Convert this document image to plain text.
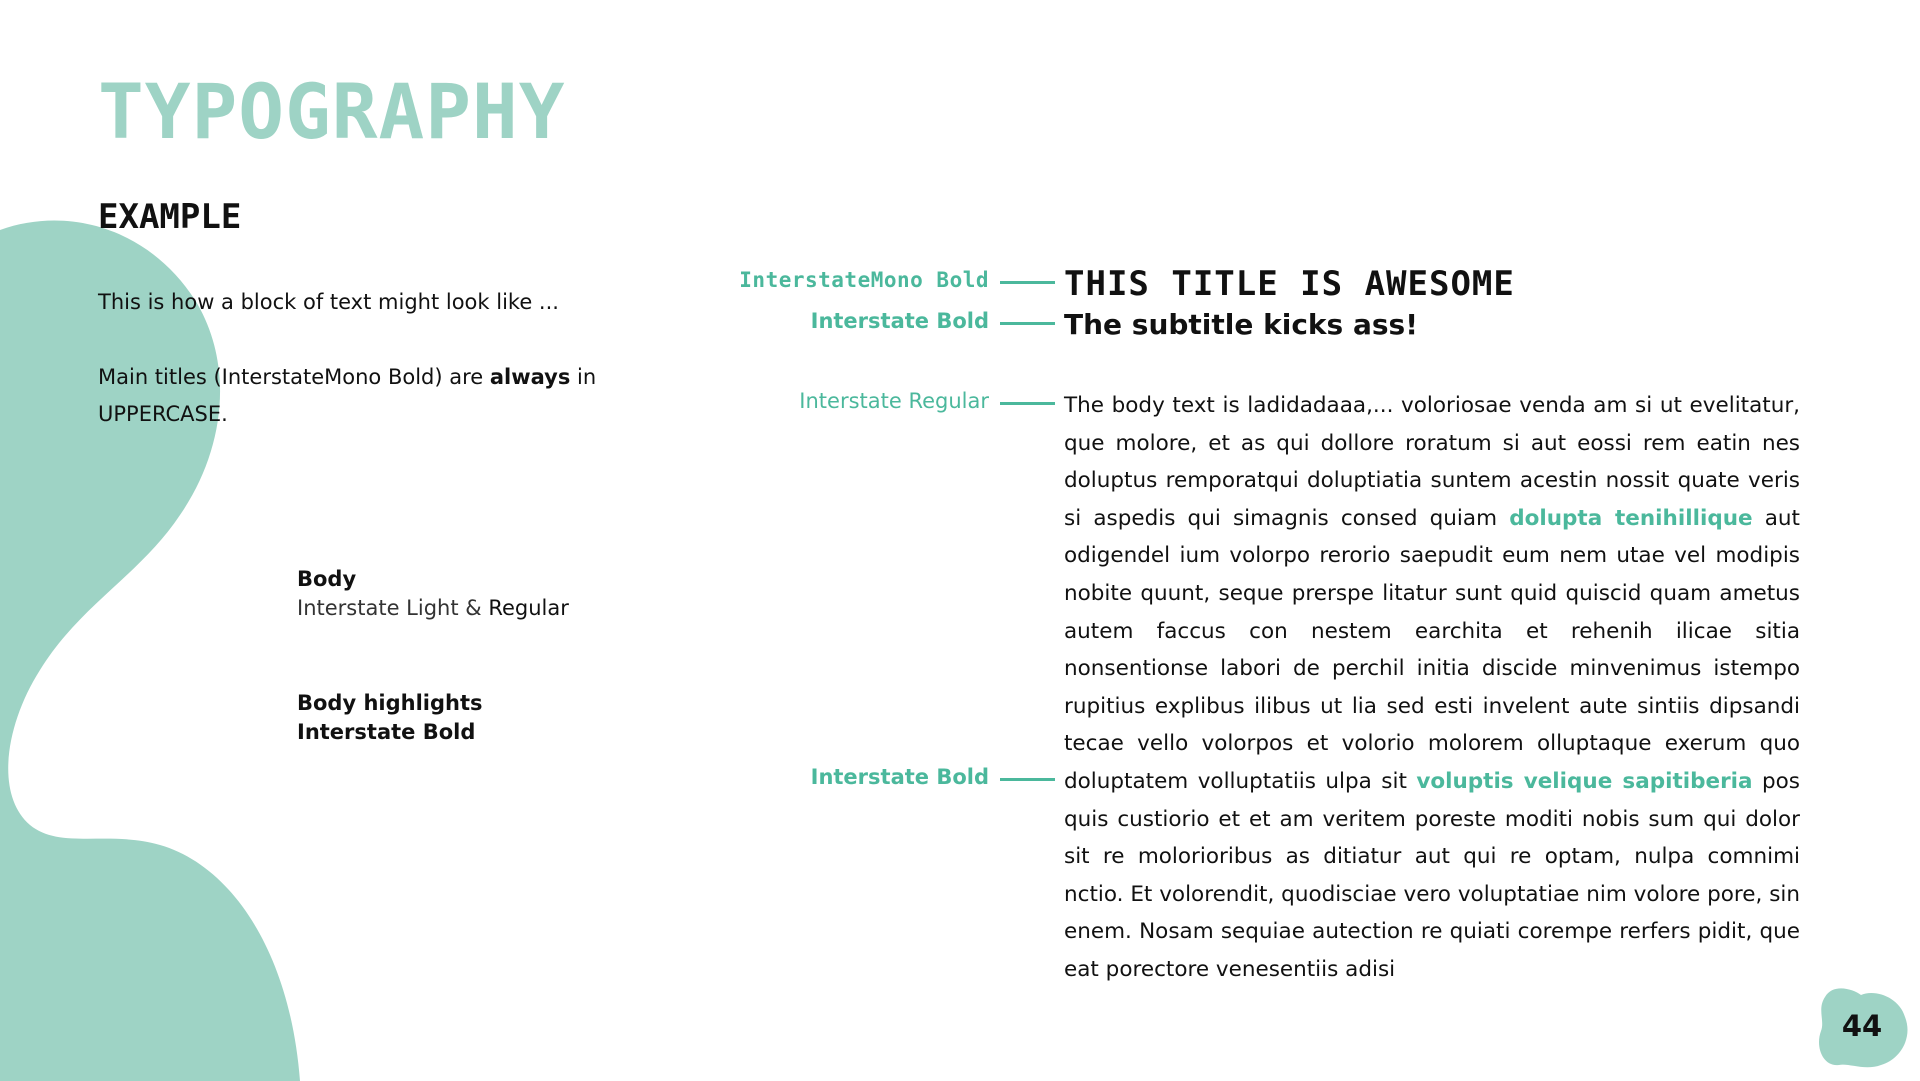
TYPOGRAPHY
EXAMPLE

This is how a block of text might look like ...

Main titles (InterstateMono Bold) are always in UPPERCASE.

Body
Interstate Light & Regular
Body highlights
Interstate Bold
InterstateMono Bold
Interstate Bold
Interstate Regular
Interstate Bold
THIS TITLE IS AWESOME
The subtitle kicks ass!

The body text is ladidadaaa,... voloriosae venda am si ut evelitatur, que molore, et as qui dollore roratum si aut eossi rem eatin nes doluptus remporatqui doluptiatia suntem acestin nossit quate veris si aspedis qui simagnis consed quiam dolupta tenihillique aut odigendel ium volorpo rerorio saepudit eum nem utae vel modipis nobite quunt, seque prerspe litatur sunt quid quiscid quam ametus autem faccus con nestem earchita et rehenih ilicae sitia nonsentionse labori de perchil initia discide minvenimus istempo rupitius explibus ilibus ut lia sed esti invelent aute sintiis dipsandi tecae vello volorpos et volorio molorem olluptaque exerum quo doluptatem volluptatiis ulpa sit voluptis velique sapitiberia pos quis custiorio et et am veritem poreste moditi nobis sum qui dolor sit re molorioribus as ditiatur aut qui re optam, nulpa comnimi nctio. Et volorendit, quodisciae vero voluptatiae nim volore pore, sin enem. Nosam sequiae autection re quiati corempe rerfers pidit, que eat porectore venesentiis adisi

44
